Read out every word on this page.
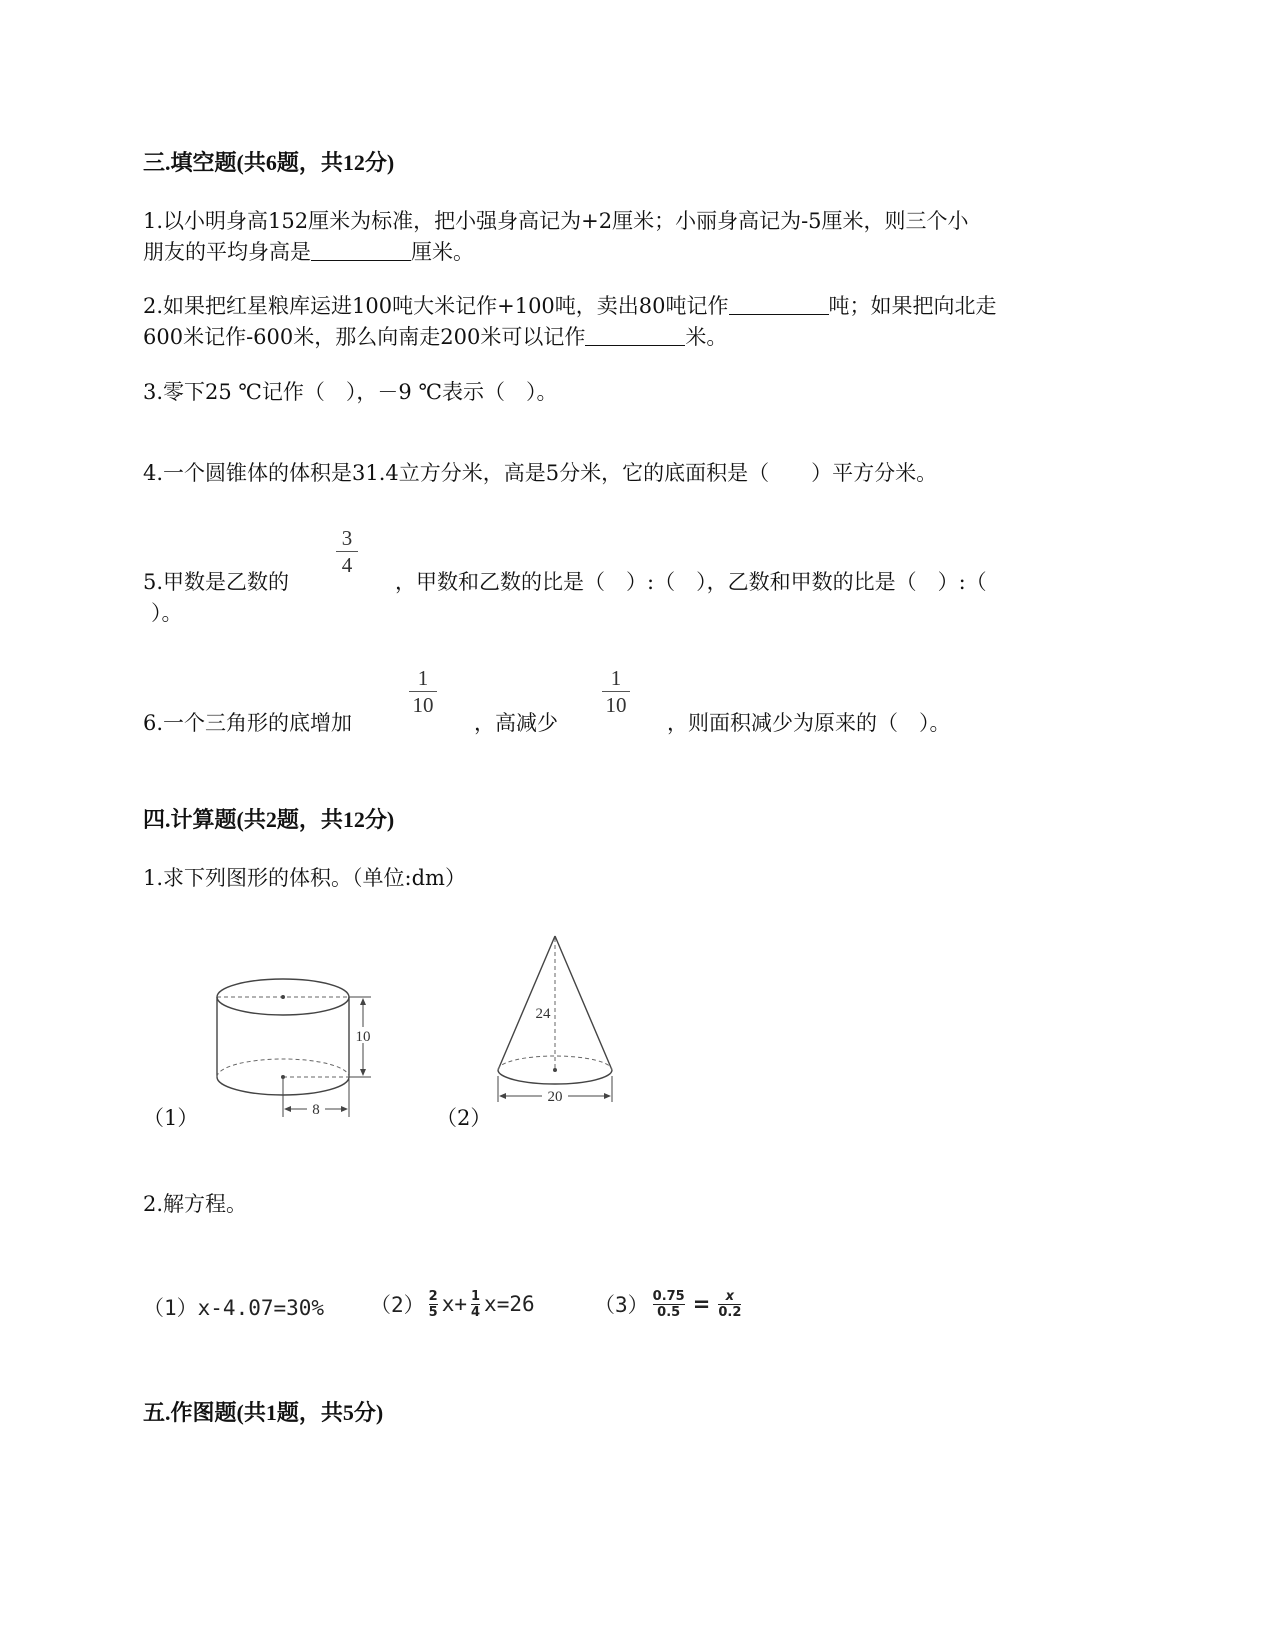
三.填空题(共6题，共12分)
1.以小明身高152厘米为标准，把小强身高记为+2厘米；小丽身高记为-5厘米，则三个小
朋友的平均身高是	厘米。
2.如果把红星粮库运进100吨大米记作+100吨，卖出80吨记作	吨；如果把向北走
600米记作-600米，那么向南走200米可以记作	米。
3.零下25 ℃记作（　），－9 ℃表示（　）。
4.一个圆锥体的体积是31.4立方分米，高是5分米，它的底面积是（　　）平方分米。
5.甲数是乙数的
3
4
，甲数和乙数的比是（　）:（　），乙数和甲数的比是（　）:（
）。
6.一个三角形的底增加
1
10
，高减少
1
10
，则面积减少为原来的（　）。
四.计算题(共2题，共12分)
1.求下列图形的体积。（单位:dm）
10
8
（1）
24
20
（2）
2.解方程。
（1）x-4.07=30% （2） 2
5 x+ 1
4 x=26	（3） 0.75
0.5 =	x
0.2
五.作图题(共1题，共5分)
